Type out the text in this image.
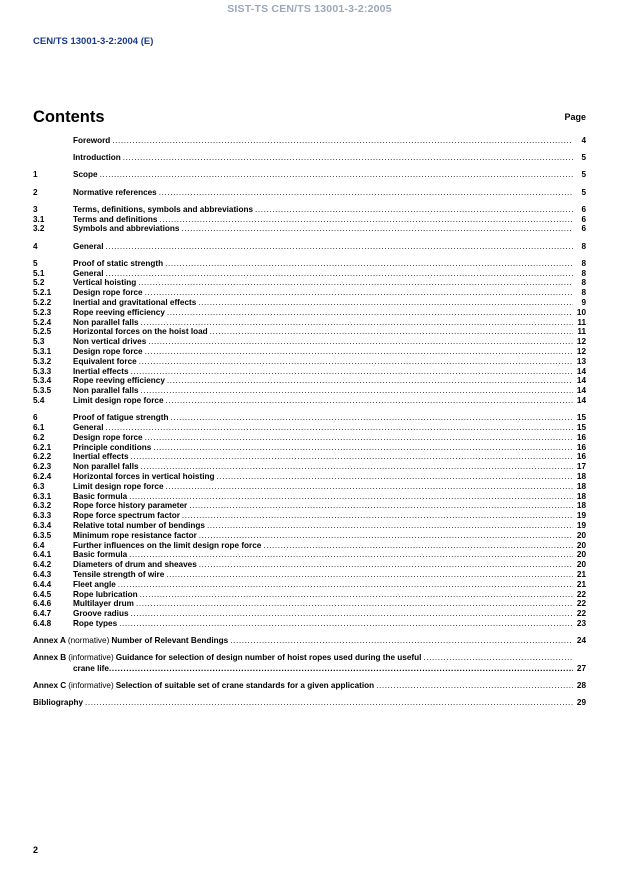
SIST-TS CEN/TS 13001-3-2:2005
CEN/TS 13001-3-2:2004 (E)
Contents	Page
Foreword .....	4
Introduction .....	5
1	Scope .....	5
2	Normative references .....	5
3	Terms, definitions, symbols and abbreviations .....	6
3.1	Terms and definitions .....	6
3.2	Symbols and abbreviations .....	6
4	General .....	8
5	Proof of static strength .....	8
5.1	General .....	8
5.2	Vertical hoisting .....	8
5.2.1	Design rope force .....	8
5.2.2	Inertial and gravitational effects .....	9
5.2.3	Rope reeving efficiency .....	10
5.2.4	Non parallel falls .....	11
5.2.5	Horizontal forces on the hoist load .....	11
5.3	Non vertical drives .....	12
5.3.1	Design rope force .....	12
5.3.2	Equivalent force .....	13
5.3.3	Inertial effects .....	14
5.3.4	Rope reeving efficiency .....	14
5.3.5	Non parallel falls .....	14
5.4	Limit design rope force .....	14
6	Proof of fatigue strength .....	15
6.1	General .....	15
6.2	Design rope force .....	16
6.2.1	Principle conditions .....	16
6.2.2	Inertial effects .....	16
6.2.3	Non parallel falls .....	17
6.2.4	Horizontal forces in vertical hoisting .....	18
6.3	Limit design rope force .....	18
6.3.1	Basic formula .....	18
6.3.2	Rope force history parameter .....	18
6.3.3	Rope force spectrum factor .....	19
6.3.4	Relative total number of bendings .....	19
6.3.5	Minimum rope resistance factor .....	20
6.4	Further influences on the limit design rope force .....	20
6.4.1	Basic formula .....	20
6.4.2	Diameters of drum and sheaves .....	20
6.4.3	Tensile strength of wire .....	21
6.4.4	Fleet angle .....	21
6.4.5	Rope lubrication .....	22
6.4.6	Multilayer drum .....	22
6.4.7	Groove radius .....	22
6.4.8	Rope types .....	23
Annex A (normative) Number of Relevant Bendings .....	24
Annex B (informative) Guidance for selection of design number of hoist ropes used during the useful
.....
crane life .....	27
Annex C (informative) Selection of suitable set of crane standards for a given application .....	28
Bibliography .....	29
2
